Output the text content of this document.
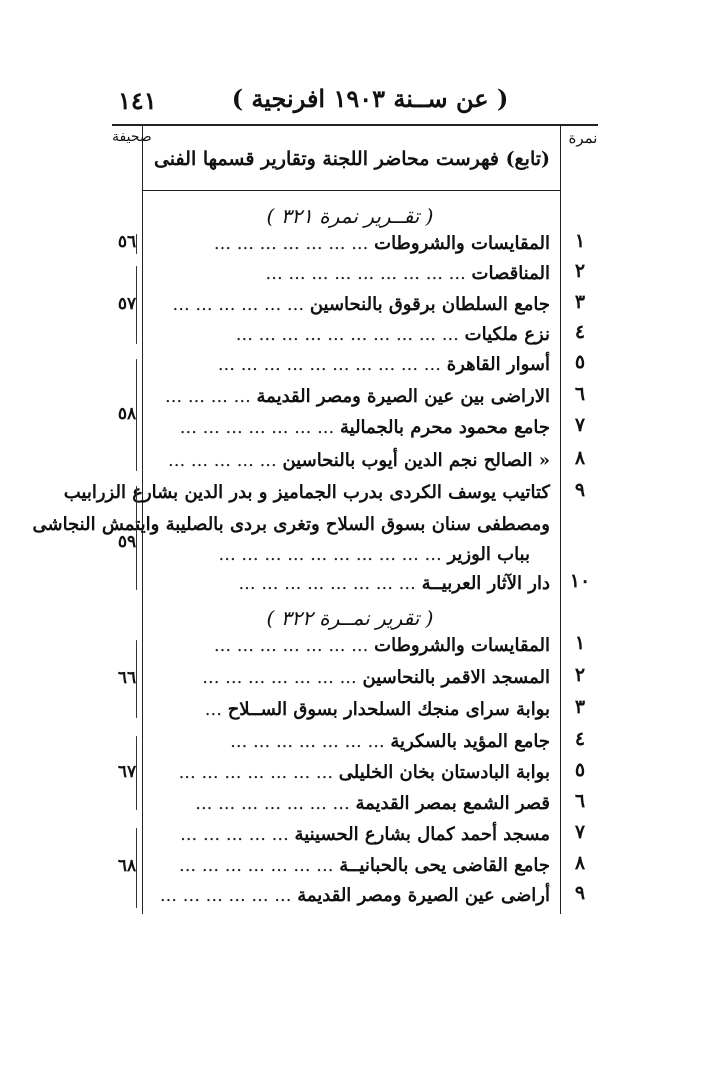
١٤١	( عن ســنة ١٩٠٣ افرنجية )
نمرة
صحيفة
(تابع) فهرست محاضر اللجنة وتقارير قسمها الفنى
( تقــرير نمرة ٣٢١ )
١
المقايسات والشروطات ... ... ... ... ... ... ...
٢
المناقصات ... ... ... ... ... ... ... ... ...
٣
جامع السلطان برقوق بالنحاسين ... ... ... ... ... ...
٤
نزع ملكيات ... ... ... ... ... ... ... ... ... ...
٥
أسوار القاهرة ... ... ... ... ... ... ... ... ... ...
٦
الاراضى بين عين الصيرة ومصر القديمة ... ... ... ...
٧
جامع محمود محرم بالجمالية ... ... ... ... ... ... ...
٨
« الصالح نجم الدين أيوب بالنحاسين ... ... ... ... ...
٩
كتاتيب يوسف الكردى بدرب الجماميز و بدر الدين بشارع الزرابيب
ومصطفى سنان بسوق السلاح وتغرى بردى بالصليبة وايتمش النجاشى
بباب الوزير ... ... ... ... ... ... ... ... ... ...
١٠
دار الآثار العربيــة ... ... ... ... ... ... ... ...
٥٦
٥٧
٥٨
٥٩
( تقرير نمــرة ٣٢٢ )
١
المقايسات والشروطات ... ... ... ... ... ... ...
٢
المسجد الاقمر بالنحاسين ... ... ... ... ... ... ...
٣
بوابة سراى منجك السلحدار بسوق الســلاح ...
٤
جامع المؤيد بالسكرية ... ... ... ... ... ... ...
٥
بوابة البادستان بخان الخليلى ... ... ... ... ... ... ...
٦
قصر الشمع بمصر القديمة ... ... ... ... ... ... ...
٧
مسجد أحمد كمال بشارع الحسينية ... ... ... ... ...
٨
جامع القاضى يحى بالحبانيــة ... ... ... ... ... ... ...
٩
أراضى عين الصيرة ومصر القديمة ... ... ... ... ... ...
٦٦
٦٧
٦٨
